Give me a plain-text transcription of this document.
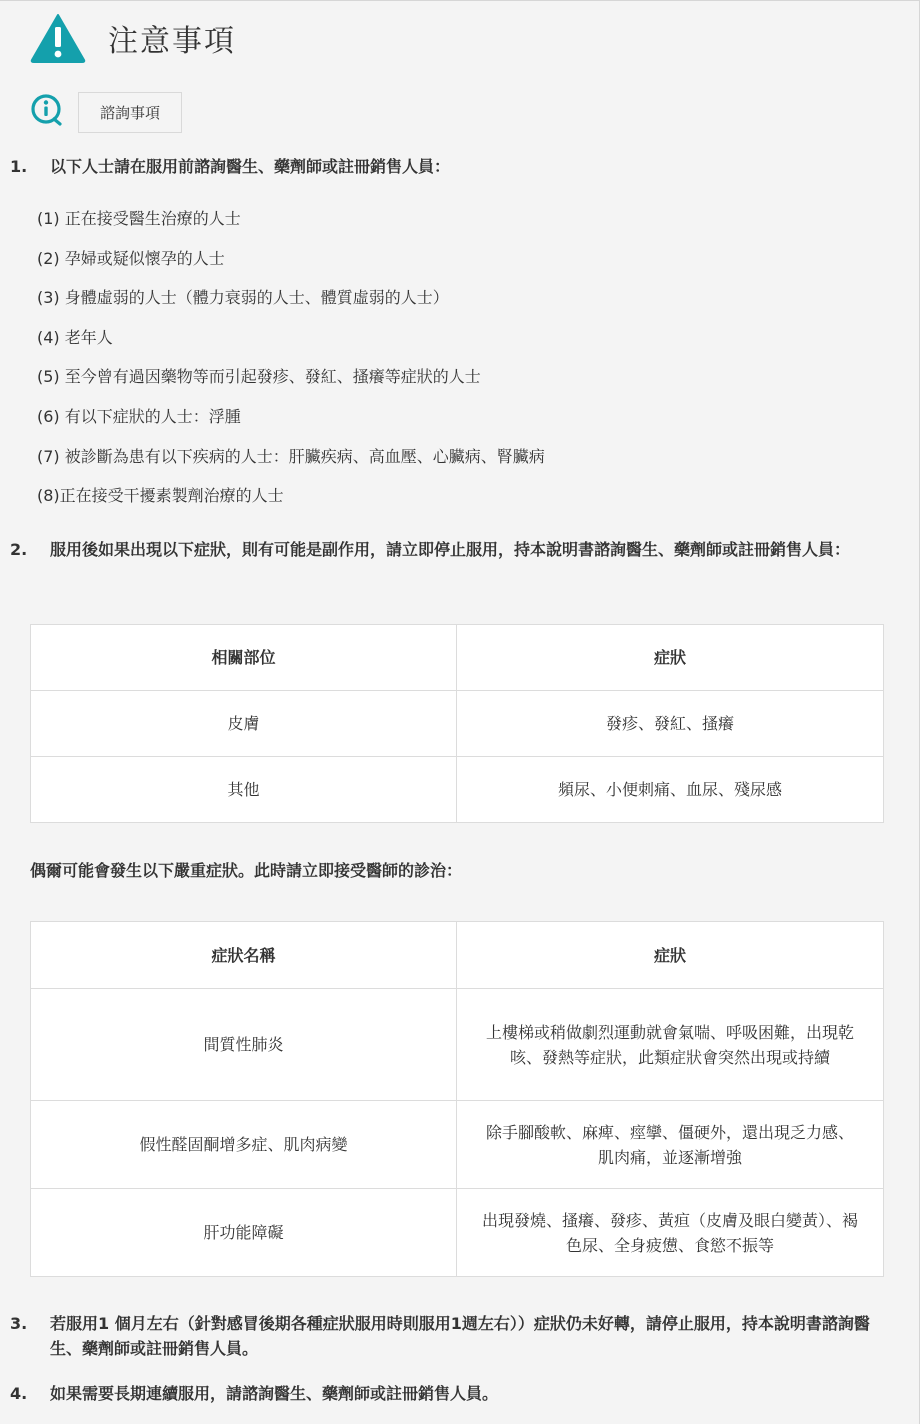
注意事項
諮詢事項
1. 以下人士請在服用前諮詢醫生、藥劑師或註冊銷售人員：
(1) 正在接受醫生治療的人士
(2) 孕婦或疑似懷孕的人士
(3) 身體虛弱的人士（體力衰弱的人士、體質虛弱的人士）
(4) 老年人
(5) 至今曾有過因藥物等而引起發疹、發紅、搔癢等症狀的人士
(6) 有以下症狀的人士：浮腫
(7) 被診斷為患有以下疾病的人士：肝臟疾病、高血壓、心臟病、腎臟病
(8)正在接受干擾素製劑治療的人士
2. 服用後如果出現以下症狀，則有可能是副作用，請立即停止服用，持本說明書諮詢醫生、藥劑師或註冊銷售人員：
相關部位	症狀
皮膚	發疹、發紅、搔癢
其他	頻尿、小便刺痛、血尿、殘尿感
偶爾可能會發生以下嚴重症狀。此時請立即接受醫師的診治：
症狀名稱	症狀
間質性肺炎	上樓梯或稍做劇烈運動就會氣喘、呼吸困難，出現乾咳、發熱等症狀，此類症狀會突然出現或持續
假性醛固酮增多症、肌肉病變	除手腳酸軟、麻痺、痙攣、僵硬外，還出現乏力感、肌肉痛，並逐漸增強
肝功能障礙	出現發燒、搔癢、發疹、黃疸（皮膚及眼白變黃）、褐色尿、全身疲憊、食慾不振等
3. 若服用1 個月左右（針對感冒後期各種症狀服用時則服用1週左右））症狀仍未好轉，請停止服用，持本說明書諮詢醫生、藥劑師或註冊銷售人員。
4. 如果需要長期連續服用，請諮詢醫生、藥劑師或註冊銷售人員。
